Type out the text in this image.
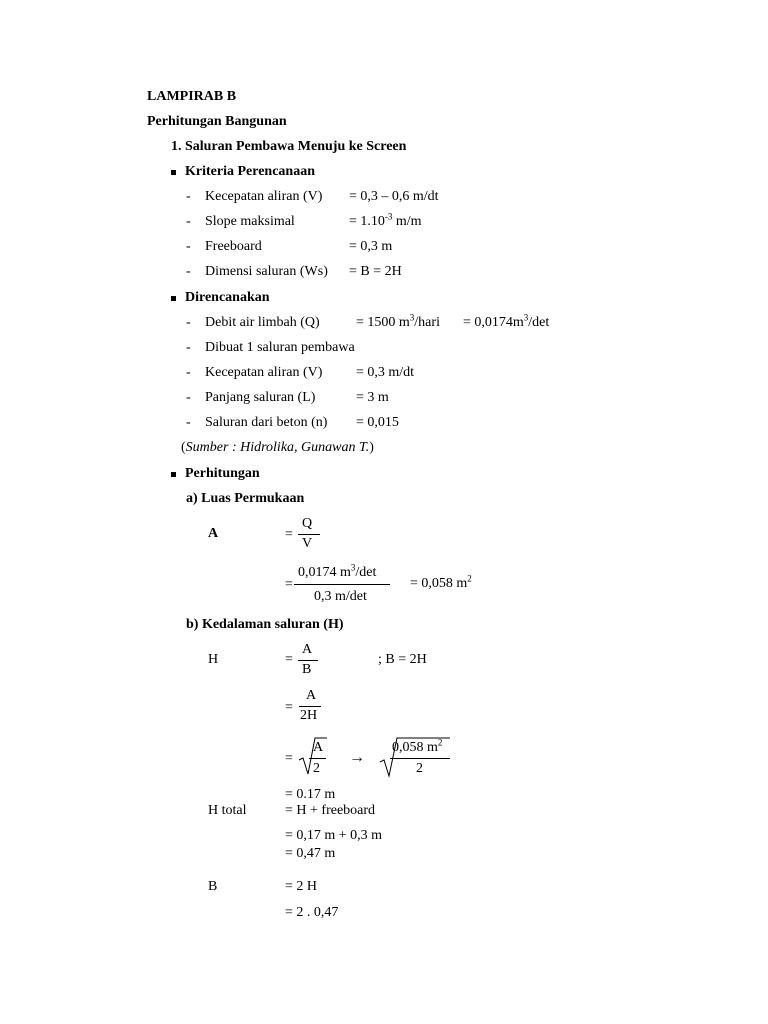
LAMPIRAB B
Perhitungan Bangunan
1. Saluran Pembawa Menuju ke Screen
Kriteria Perencanaan
- Kecepatan aliran (V) = 0,3 – 0,6 m/dt
- Slope maksimal	= $1.10^{-3}$ m/m
- Freeboard	= 0,3 m
- Dimensi saluran (Ws) = B = 2H
Direncanakan
- Debit air limbah (Q)	= 1500 $m^3$/hari = $0,0174m^3/\det$
- Dibuat 1 saluran pembawa
- Kecepatan aliran (V) = 0,3 m/dt
- Panjang saluran (L)	= 3 m
- Saluran dari beton (n) = 0,015
(Sumber : Hidrolika, Gunawan T.)
Perhitungan
a) Luas Permukaan
A	=
Q
V
=
0,0174 $m^3/\det$
0,3 m/det
= 0,058 $m^2$
b) Kedalaman saluran (H)
H	=
A
B
; B = 2H
=
A
2H
=
A
2
→
0,058 $m^2$
2
= 0.17 m
H total	= H + freeboard
= 0,17 m + 0,3 m
= 0,47 m
B	= 2 H
= 2 . 0,47
